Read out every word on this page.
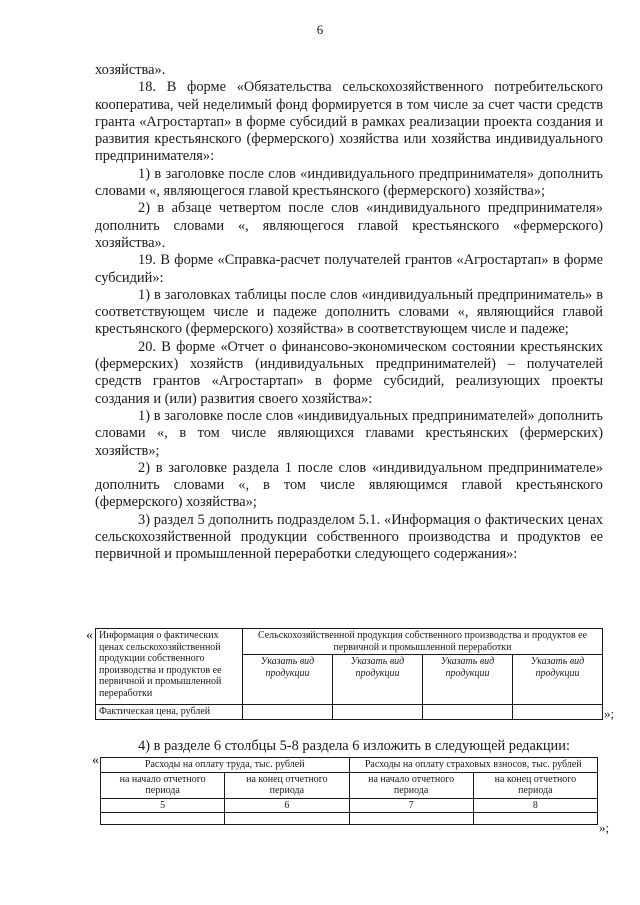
6

хозяйства».

18. В форме «Обязательства сельскохозяйственного потребительского кооператива, чей неделимый фонд формируется в том числе за счет части средств гранта «Агростартап» в форме субсидий в рамках реализации проекта создания и развития крестьянского (фермерского) хозяйства или хозяйства индивидуального предпринимателя»:

1) в заголовке после слов «индивидуального предпринимателя» дополнить словами «, являющегося главой крестьянского (фермерского) хозяйства»;

2) в абзаце четвертом после слов «индивидуального предпринимателя» дополнить словами «, являющегося главой крестьянского «фермерского) хозяйства».

19. В форме «Справка-расчет получателей грантов «Агростартап» в форме субсидий»:

1) в заголовках таблицы после слов «индивидуальный предприниматель» в соответствующем числе и падеже дополнить словами «, являющийся главой крестьянского (фермерского) хозяйства» в соответствующем числе и падеже;

20. В форме «Отчет о финансово-экономическом состоянии крестьянских (фермерских) хозяйств (индивидуальных предпринимателей) – получателей средств грантов «Агростартап» в форме субсидий, реализующих проекты создания и (или) развития своего хозяйства»:

1) в заголовке после слов «индивидуальных предпринимателей» дополнить словами «, в том числе являющихся главами крестьянских (фермерских) хозяйств»;

2) в заголовке раздела 1 после слов «индивидуальном предпринимателе» дополнить словами «, в том числе являющимся главой крестьянского (фермерского) хозяйства»;

3) раздел 5 дополнить подразделом 5.1. «Информация о фактических ценах сельскохозяйственной продукции собственного производства и продуктов ее первичной и промышленной переработки следующего содержания»:

« Информация о фактических ценах сельскохозяйственной продукции собственного производства и продуктов ее первичной и промышленной переработки	Сельскохозяйственной продукция собственного производства и продуктов ее первичной и промышленной переработки			
	Указать вид продукции	Указать вид продукции	Указать вид продукции	Указать вид продукции
Фактическая цена, рублей					»;
4) в разделе 6 столбцы 5-8 раздела 6 изложить в следующей редакции:
«	Расходы на оплату труда, тыс. рублей		Расходы на оплату страховых взносов, тыс. рублей	
на начало отчетного периода	на конец отчетного периода	на начало отчетного периода	на конец отчетного периода
5	6	7	8

»;
